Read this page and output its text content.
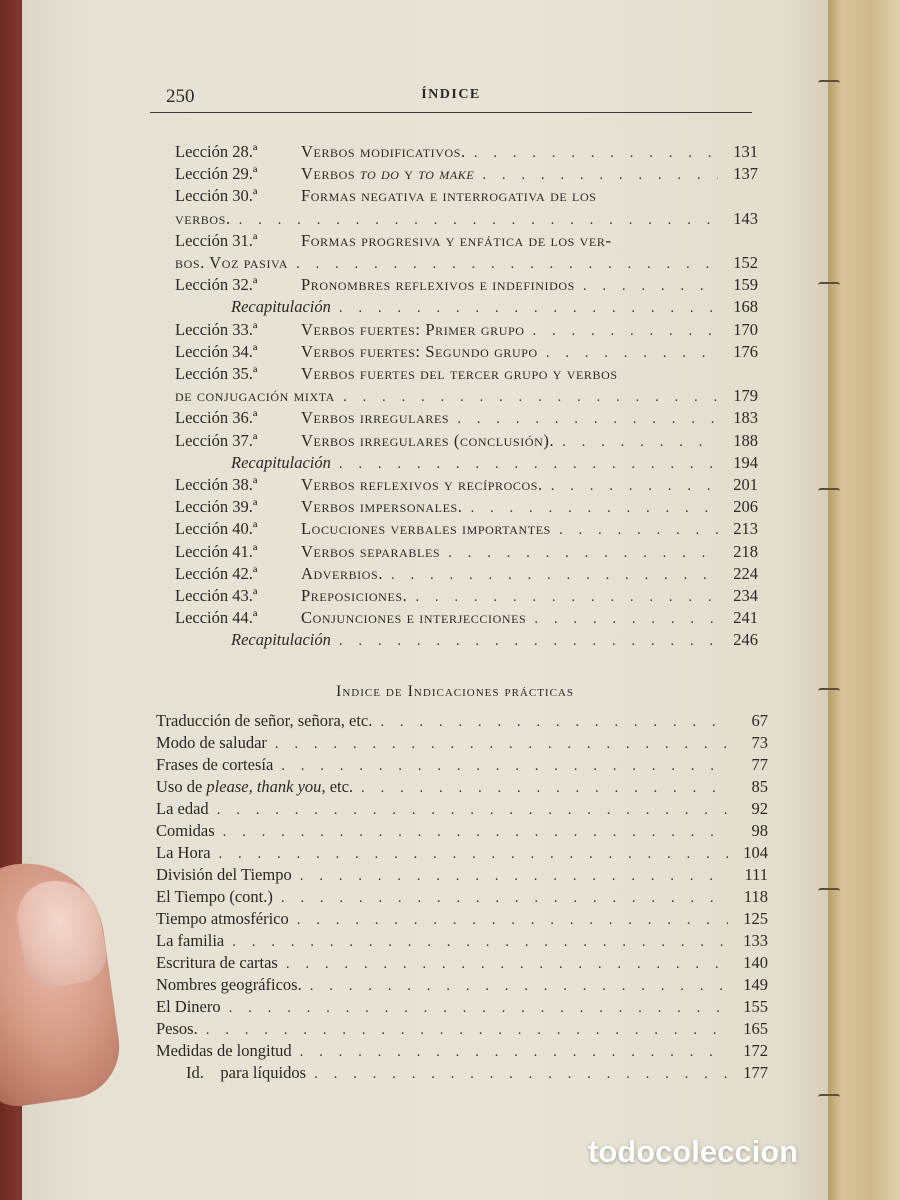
250	ÍNDICE
Lección 28.ª	Verbos modificativos. . . .	131
Lección 29.ª	Verbos to do y to make . . .	137
Lección 30.ª	Formas negativa e interrogativa de los
verbos. . . .	143
Lección 31.ª	Formas progresiva y enfática de los ver-
bos. Voz pasiva . . .	152
Lección 32.ª	Pronombres reflexivos e indefinidos . . .	159
Recapitulación . . .	168
Lección 33.ª	Verbos fuertes: Primer grupo . . .	170
Lección 34.ª	Verbos fuertes: Segundo grupo . . .	176
Lección 35.ª	Verbos fuertes del tercer grupo y verbos
de conjugación mixta . . .	179
Lección 36.ª	Verbos irregulares . . .	183
Lección 37.ª	Verbos irregulares (conclusión). . . .	188
Recapitulación . . .	194
Lección 38.ª	Verbos reflexivos y recíprocos. . . .	201
Lección 39.ª	Verbos impersonales. . . .	206
Lección 40.ª	Locuciones verbales importantes . . .	213
Lección 41.ª	Verbos separables . . .	218
Lección 42.ª	Adverbios. . . .	224
Lección 43.ª	Preposiciones. . . .	234
Lección 44.ª	Conjunciones e interjecciones . . .	241
Recapitulación . . .	246
Indice de Indicaciones prácticas
Traducción de señor, señora, etc. . . .	67
Modo de saludar . . .	73
Frases de cortesía . . .	77
Uso de please, thank you, etc. . . .	85
La edad . . .	92
Comidas . . .	98
La Hora . . .	104
División del Tiempo . . .	111
El Tiempo (cont.) . . .	118
Tiempo atmosférico . . .	125
La familia . . .	133
Escritura de cartas . . .	140
Nombres geográficos. . . .	149
El Dinero . . .	155
Pesos. . . .	165
Medidas de longitud . . .	172
Id.    para líquidos . . .	177
todocoleccion
